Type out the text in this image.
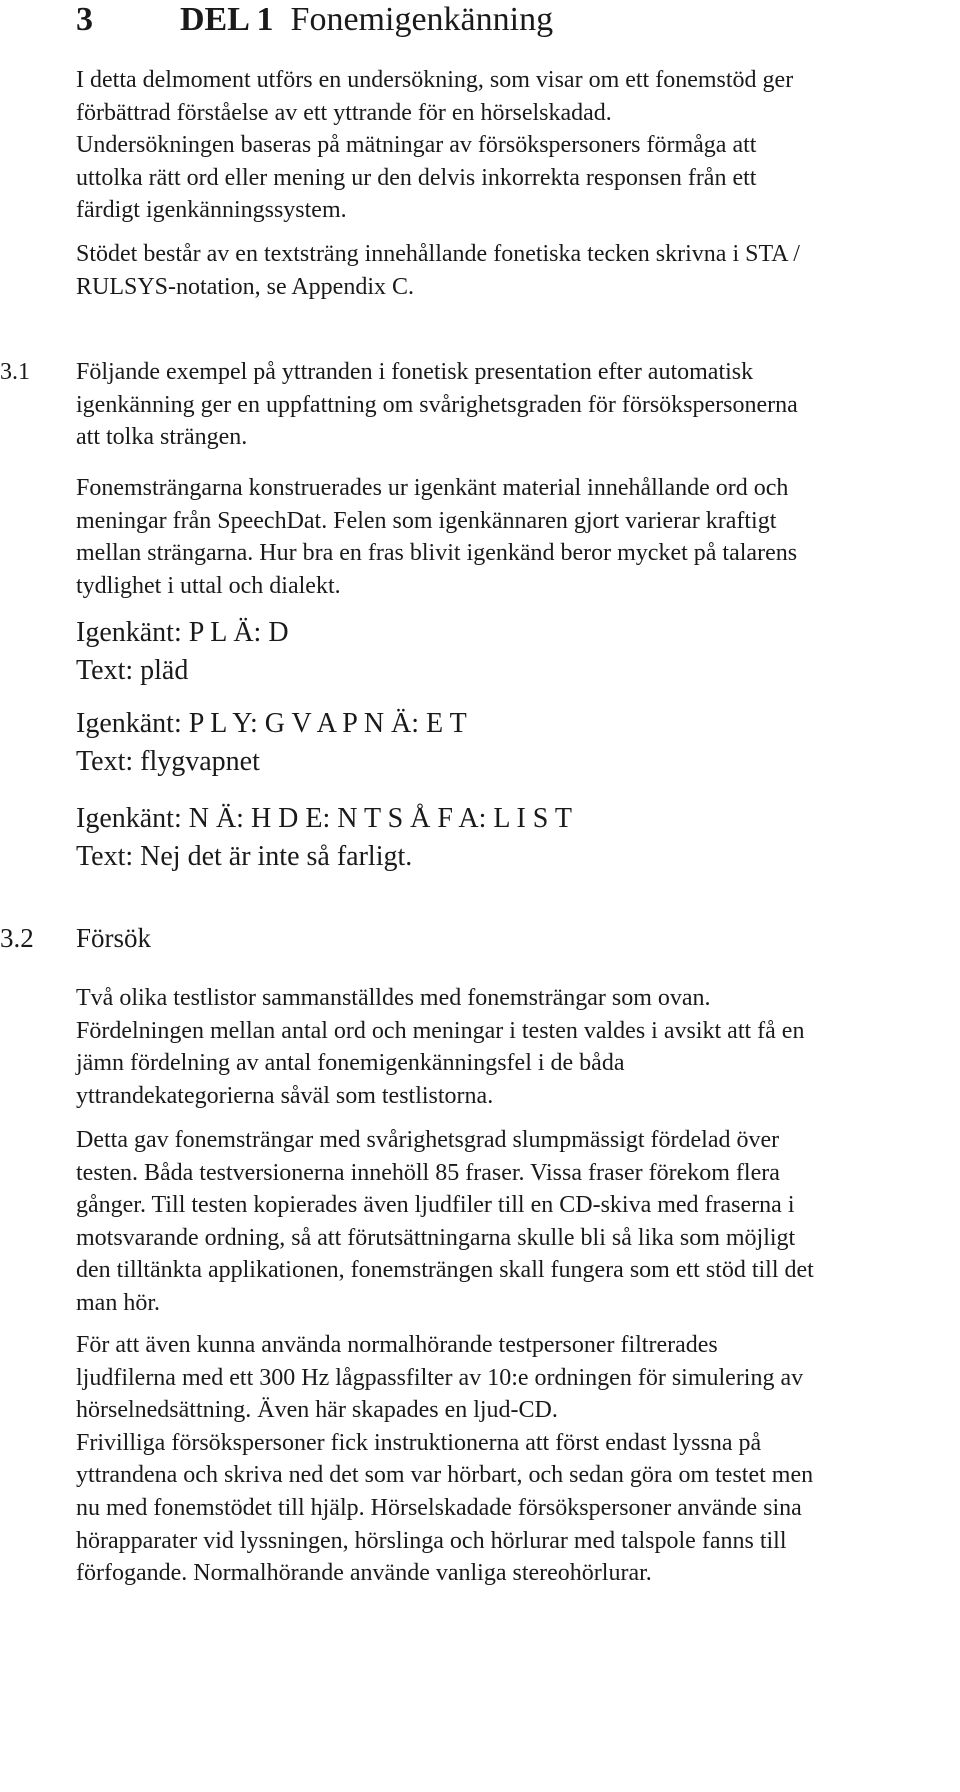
3	DEL 1 Fonemigenkänning
I detta delmoment utförs en undersökning, som visar om ett fonemstöd ger
förbättrad förståelse av ett yttrande för en hörselskadad.
Undersökningen baseras på mätningar av försökspersoners förmåga att
uttolka rätt ord eller mening ur den delvis inkorrekta responsen från ett
färdigt igenkänningssystem.
Stödet består av en textsträng innehållande fonetiska tecken skrivna i STA /
RULSYS-notation, se Appendix C.
3.1	Följande exempel på yttranden i fonetisk presentation efter automatisk
igenkänning ger en uppfattning om svårighetsgraden för försökspersonerna
att tolka strängen.
Fonemsträngarna konstruerades ur igenkänt material innehållande ord och
meningar från SpeechDat. Felen som igenkännaren gjort varierar kraftigt
mellan strängarna. Hur bra en fras blivit igenkänd beror mycket på talarens
tydlighet i uttal och dialekt.
Igenkänt: P L Ä: D
Text: pläd
Igenkänt: P L Y: G V A P N Ä: E T
Text: flygvapnet
Igenkänt: N Ä: H D E: N T S Å F A: L I S T
Text: Nej det är inte så farligt.
3.2 Försök
Två olika testlistor sammanställdes med fonemsträngar som ovan.
Fördelningen mellan antal ord och meningar i testen valdes i avsikt att få en
jämn fördelning av antal fonemigenkänningsfel i de båda
yttrandekategorierna såväl som testlistorna.
Detta gav fonemsträngar med svårighetsgrad slumpmässigt fördelad över
testen. Båda testversionerna innehöll 85 fraser. Vissa fraser förekom flera
gånger. Till testen kopierades även ljudfiler till en CD-skiva med fraserna i
motsvarande ordning, så att förutsättningarna skulle bli så lika som möjligt
den tilltänkta applikationen, fonemsträngen skall fungera som ett stöd till det
man hör.
För att även kunna använda normalhörande testpersoner filtrerades
ljudfilerna med ett 300 Hz lågpassfilter av 10:e ordningen för simulering av
hörselnedsättning. Även här skapades en ljud-CD.
Frivilliga försökspersoner fick instruktionerna att först endast lyssna på
yttrandena och skriva ned det som var hörbart, och sedan göra om testet men
nu med fonemstödet till hjälp. Hörselskadade försökspersoner använde sina
hörapparater vid lyssningen, hörslinga och hörlurar med talspole fanns till
förfogande. Normalhörande använde vanliga stereohörlurar.
